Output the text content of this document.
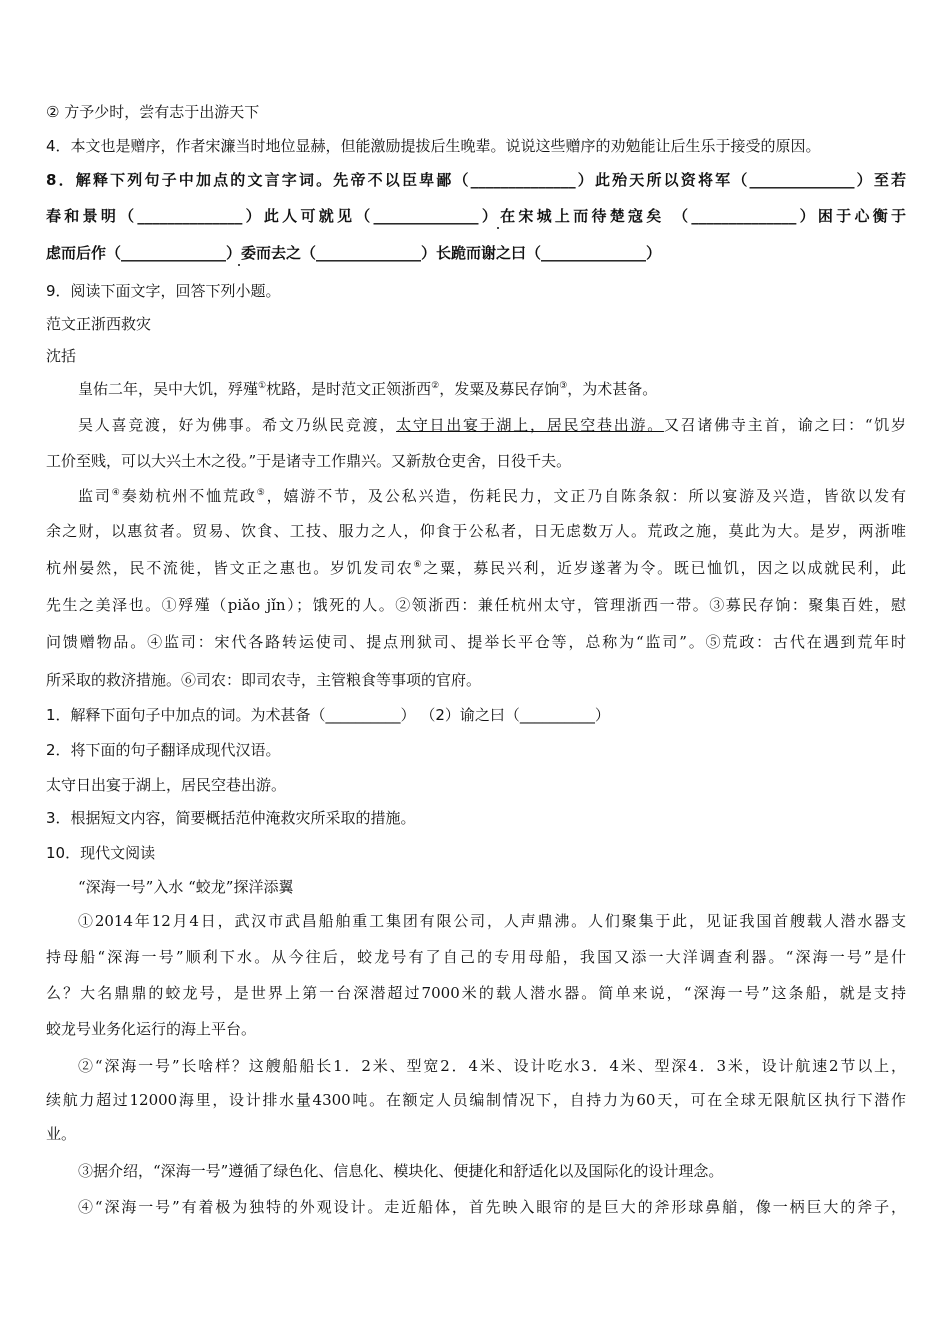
② 方予少时，尝有志于出游天下
4．本文也是赠序，作者宋濂当时地位显赫，但能激励提拔后生晚辈。说说这些赠序的劝勉能让后生乐于接受的原因。
8．解释下列句子中加点的文言字词。先帝不以臣卑鄙（______________）此殆天所以资将军（______________）至若
春和景明（______________）此人可就见（______________）在宋城上而待楚寇矣 （______________）困于心衡于
虑而后作（______________）委而去之（______________）长跪而谢之曰（______________）
9．阅读下面文字，回答下列小题。
范文正浙西救灾
沈括
皇佑二年，吴中大饥，殍殣①枕路，是时范文正领浙西②，发粟及募民存饷③，为术甚备。
吴人喜竞渡，好为佛事。希文乃纵民竞渡，太守日出宴于湖上，居民空巷出游。又召诸佛寺主首，谕之曰：“饥岁
工价至贱，可以大兴土木之役。”于是诸寺工作鼎兴。又新敖仓吏舍，日役千夫。
监司④奏劾杭州不恤荒政⑤，嬉游不节，及公私兴造，伤耗民力，文正乃自陈条叙：所以宴游及兴造，皆欲以发有
余之财，以惠贫者。贸易、饮食、工技、服力之人，仰食于公私者，日无虑数万人。荒政之施，莫此为大。是岁，两浙唯
杭州晏然，民不流徙，皆文正之惠也。岁饥发司农⑥之粟，募民兴利，近岁遂著为令。既已恤饥，因之以成就民利，此
先生之美泽也。①殍殣（piǎo jǐn）；饿死的人。②领浙西：兼任杭州太守，管理浙西一带。③募民存饷：聚集百姓，慰
问馈赠物品。④监司：宋代各路转运使司、提点刑狱司、提举长平仓等，总称为“监司”。⑤荒政：古代在遇到荒年时
所采取的救济措施。⑥司农：即司农寺，主管粮食等事项的官府。
1．解释下面句子中加点的词。为术甚备（__________） （2）谕之曰（__________）
2．将下面的句子翻译成现代汉语。
太守日出宴于湖上，居民空巷出游。
3．根据短文内容，简要概括范仲淹救灾所采取的措施。
10．现代文阅读
“深海一号”入水 “蛟龙”探洋添翼
①2014年12月4日，武汉市武昌船舶重工集团有限公司，人声鼎沸。人们聚集于此，见证我国首艘载人潜水器支
持母船“深海一号”顺利下水。从今往后，蛟龙号有了自己的专用母船，我国又添一大洋调查利器。“深海一号”是什
么？大名鼎鼎的蛟龙号，是世界上第一台深潜超过7000米的载人潜水器。简单来说，“深海一号”这条船，就是支持
蛟龙号业务化运行的海上平台。
②“深海一号”长啥样？这艘船船长1．2米、型宽2．4米、设计吃水3．4米、型深4．3米，设计航速2节以上，
续航力超过12000海里，设计排水量4300吨。在额定人员编制情况下，自持力为60天，可在全球无限航区执行下潜作
业。
③据介绍，“深海一号”遵循了绿色化、信息化、模块化、便捷化和舒适化以及国际化的设计理念。
④“深海一号”有着极为独特的外观设计。走近船体，首先映入眼帘的是巨大的斧形球鼻艏，像一柄巨大的斧子，
